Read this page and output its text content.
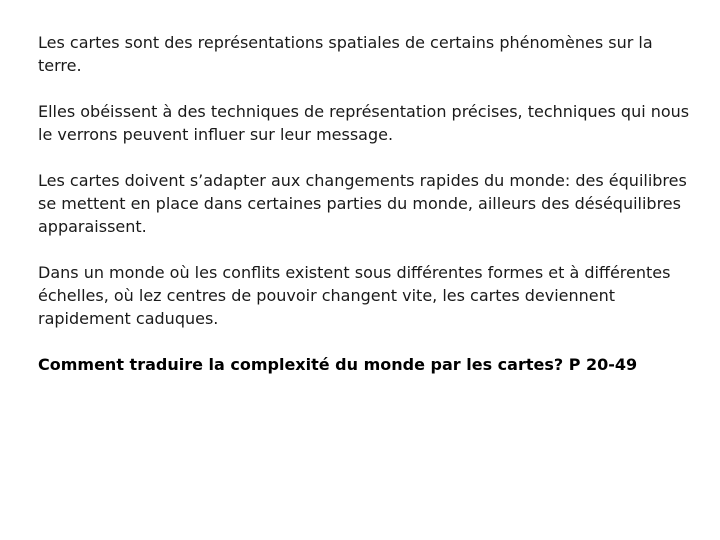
Les cartes sont des représentations spatiales de certains phénomènes sur la terre.

Elles obéissent à des techniques de représentation précises, techniques qui nous le verrons peuvent influer sur leur message.

Les cartes doivent s’adapter aux changements rapides du monde: des équilibres se mettent en place dans certaines parties du monde, ailleurs des déséquilibres apparaissent.

Dans un monde où les conflits existent sous différentes formes et à différentes échelles, où lez centres de pouvoir changent vite, les cartes deviennent rapidement caduques.

Comment traduire la complexité du monde par les cartes? P 20-49
